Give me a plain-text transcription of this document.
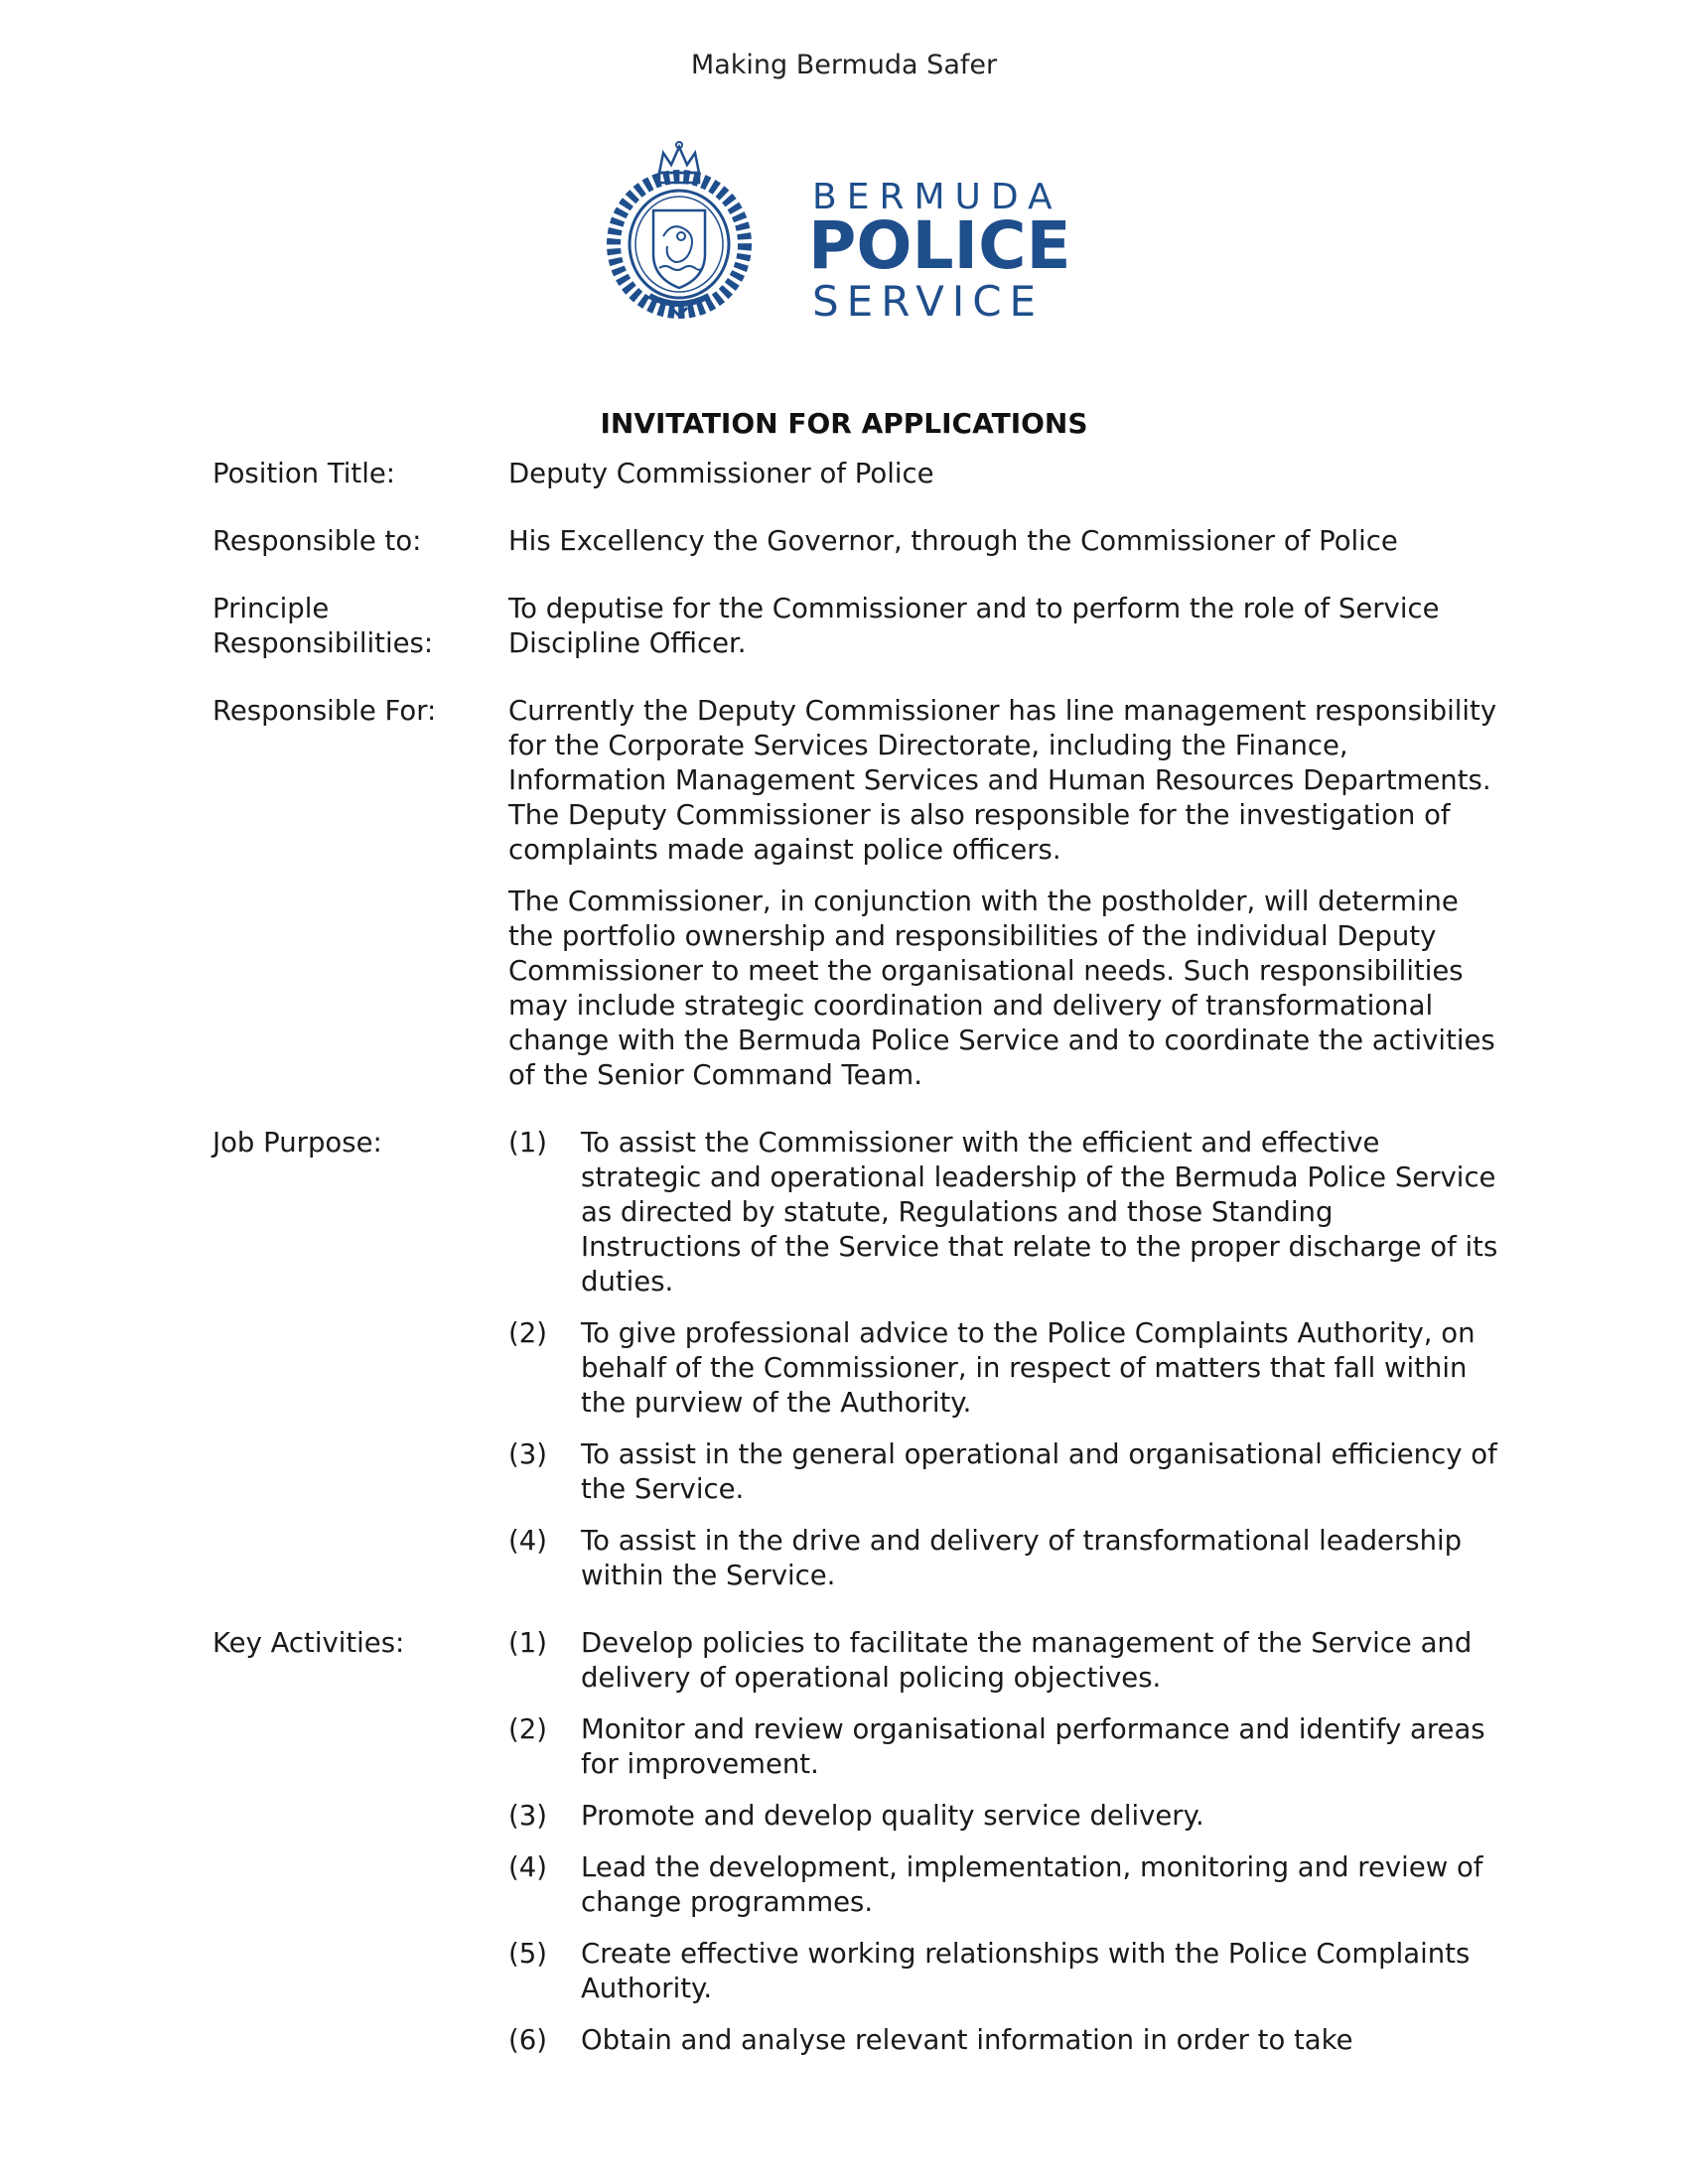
Making Bermuda Safer
BERMUDA
POLICE
SERVICE
INVITATION FOR APPLICATIONS
Position Title:	Deputy Commissioner of Police
Responsible to:	His Excellency the Governor, through the Commissioner of Police
Principle Responsibilities:
To deputise for the Commissioner and to perform the role of Service Discipline Officer.
Responsible For:	Currently the Deputy Commissioner has line management responsibility for the Corporate Services Directorate, including the Finance, Information Management Services and Human Resources Departments. The Deputy Commissioner is also responsible for the investigation of complaints made against police officers.

The Commissioner, in conjunction with the postholder, will determine the portfolio ownership and responsibilities of the individual Deputy Commissioner to meet the organisational needs. Such responsibilities may include strategic coordination and delivery of transformational change with the Bermuda Police Service and to coordinate the activities of the Senior Command Team.

Job Purpose:	(1)	To assist the Commissioner with the efficient and effective strategic and operational leadership of the Bermuda Police Service as directed by statute, Regulations and those Standing Instructions of the Service that relate to the proper discharge of its duties.
(2)	To give professional advice to the Police Complaints Authority, on behalf of the Commissioner, in respect of matters that fall within the purview of the Authority.
(3)	To assist in the general operational and organisational efficiency of the Service.
(4)	To assist in the drive and delivery of transformational leadership within the Service.
Key Activities:	(1)	Develop policies to facilitate the management of the Service and delivery of operational policing objectives.
(2)	Monitor and review organisational performance and identify areas for improvement.
(3)	Promote and develop quality service delivery.
(4)	Lead the development, implementation, monitoring and review of change programmes.
(5)	Create effective working relationships with the Police Complaints Authority.
(6)	Obtain and analyse relevant information in order to take
